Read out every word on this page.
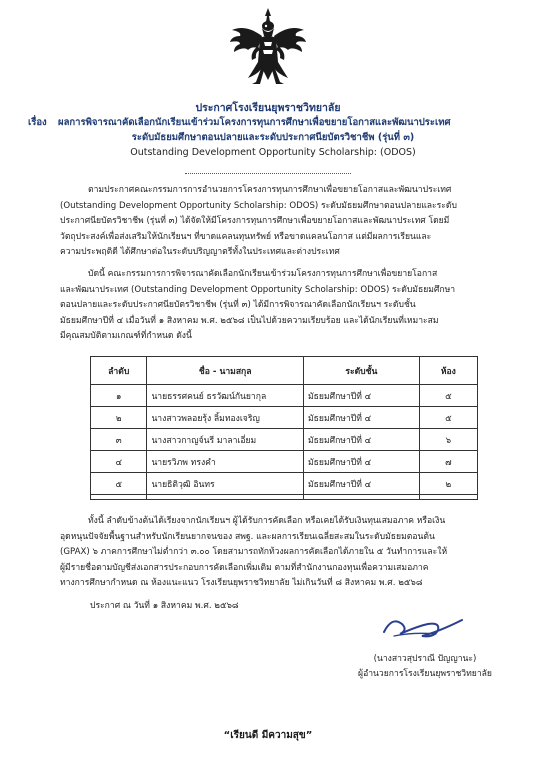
ประกาศโรงเรียนยุพราชวิทยาลัย
เรื่อง ผลการพิจารณาคัดเลือกนักเรียนเข้าร่วมโครงการทุนการศึกษาเพื่อขยายโอกาสและพัฒนาประเทศ
ระดับมัธยมศึกษาตอนปลายและระดับประกาศนียบัตรวิชาชีพ (รุ่นที่ ๓)
Outstanding Development Opportunity Scholarship: (ODOS)
ตามประกาศคณะกรรมการการอำนวยการโครงการทุนการศึกษาเพื่อขยายโอกาสและพัฒนาประเทศ
(Outstanding Development Opportunity Scholarship: ODOS) ระดับมัธยมศึกษาตอนปลายและระดับ
ประกาศนียบัตรวิชาชีพ (รุ่นที่ ๓) ได้จัดให้มีโครงการทุนการศึกษาเพื่อขยายโอกาสและพัฒนาประเทศ โดยมี
วัตถุประสงค์เพื่อส่งเสริมให้นักเรียนฯ ที่ขาดแคลนทุนทรัพย์ หรือขาดแคลนโอกาส แต่มีผลการเรียนและ
ความประพฤติดี ได้ศึกษาต่อในระดับปริญญาตรีทั้งในประเทศและต่างประเทศ
บัดนี้ คณะกรรมการการพิจารณาคัดเลือกนักเรียนเข้าร่วมโครงการทุนการศึกษาเพื่อขยายโอกาส
และพัฒนาประเทศ (Outstanding Development Opportunity Scholarship: ODOS) ระดับมัธยมศึกษา
ตอนปลายและระดับประกาศนียบัตรวิชาชีพ (รุ่นที่ ๓) ได้มีการพิจารณาคัดเลือกนักเรียนฯ ระดับชั้น
มัธยมศึกษาปีที่ ๔ เมื่อวันที่ ๑ สิงหาคม พ.ศ. ๒๕๖๘ เป็นไปด้วยความเรียบร้อย และได้นักเรียนที่เหมาะสม
มีคุณสมบัติตามเกณฑ์ที่กำหนด ดังนี้
ลำดับ	ชื่อ - นามสกุล	ระดับชั้น	ห้อง
๑	นายธรรศคนย์ ธรวัฒน์กันยากุล	มัธยมศึกษาปีที่ ๔	๕
๒	นางสาวพลอยรุ้ง ลิ้มทองเจริญ	มัธยมศึกษาปีที่ ๔	๕
๓	นางสาวกาญจ์นรี มาลาเอี่ยม	มัธยมศึกษาปีที่ ๔	๖
๔	นายรวิภพ ทรงคำ	มัธยมศึกษาปีที่ ๔	๗
๕	นายธิติวุฒิ อินทร	มัธยมศึกษาปีที่ ๔	๒

ทั้งนี้ ลำดับข้างต้นได้เรียงจากนักเรียนฯ ผู้ได้รับการคัดเลือก หรือเคยได้รับเงินทุนเสมอภาค หรือเงิน
อุดหนุนปัจจัยพื้นฐานสำหรับนักเรียนยากจนของ สพฐ. และผลการเรียนเฉลี่ยสะสมในระดับมัธยมตอนต้น
(GPAX) ๖ ภาคการศึกษาไม่ต่ำกว่า ๓.๐๐ โดยสามารถทักท้วงผลการคัดเลือกได้ภายใน ๕ วันทำการและให้
ผู้มีรายชื่อตามบัญชีส่งเอกสารประกอบการคัดเลือกเพิ่มเติม ตามที่สำนักงานกองทุนเพื่อความเสมอภาค
ทางการศึกษากำหนด ณ ห้องแนะแนว โรงเรียนยุพราชวิทยาลัย ไม่เกินวันที่ ๘ สิงหาคม พ.ศ. ๒๕๖๘
ประกาศ ณ วันที่ ๑ สิงหาคม พ.ศ. ๒๕๖๘
(นางสาวสุปราณี ปัญญานะ)
ผู้อำนวยการโรงเรียนยุพราชวิทยาลัย
“เรียนดี มีความสุข”
